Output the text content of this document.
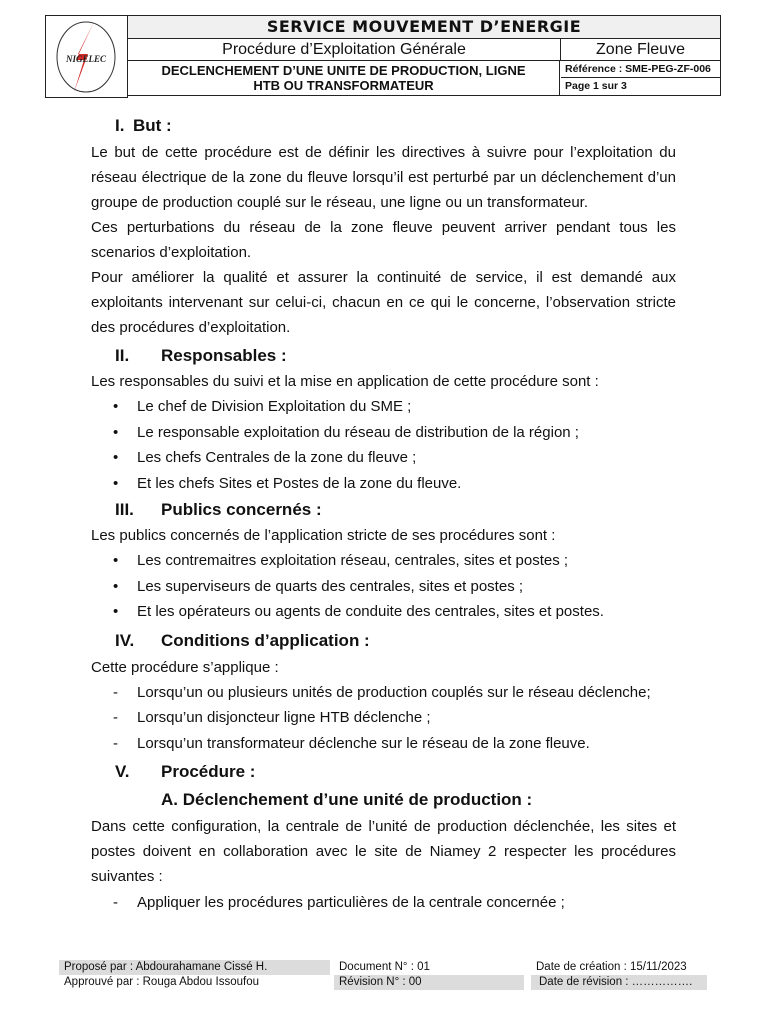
NIGELEC
SERVICE MOUVEMENT D’ENERGIE
Procédure d’Exploitation Générale	Zone Fleuve
DECLENCHEMENT D’UNE UNITE DE PRODUCTION, LIGNE
HTB OU TRANSFORMATEUR
Référence : SME-PEG-ZF-006
Page 1 sur 3
I. But :

Le but de cette procédure est de définir les directives à suivre pour l’exploitation du réseau électrique de la zone du fleuve lorsqu’il est perturbé par un déclenchement d’un groupe de production couplé sur le réseau, une ligne ou un transformateur.

Ces perturbations du réseau de la zone fleuve peuvent arriver pendant tous les scenarios d’exploitation.

Pour améliorer la qualité et assurer la continuité de service, il est demandé aux exploitants intervenant sur celui-ci, chacun en ce qui le concerne, l’observation stricte des procédures d’exploitation.

II. Responsables :

Les responsables du suivi et la mise en application de cette procédure sont :

• Le chef de Division Exploitation du SME ;
• Le responsable exploitation du réseau de distribution de la région ;
• Les chefs Centrales de la zone du fleuve ;
• Et les chefs Sites et Postes de la zone du fleuve.
III. Publics concernés :

Les publics concernés de l’application stricte de ses procédures sont :

• Les contremaitres exploitation réseau, centrales, sites et postes ;
• Les superviseurs de quarts des centrales, sites et postes ;
• Et les opérateurs ou agents de conduite des centrales, sites et postes.
IV. Conditions d’application :

Cette procédure s’applique :

- Lorsqu’un ou plusieurs unités de production couplés sur le réseau déclenche;
- Lorsqu’un disjoncteur ligne HTB déclenche ;
- Lorsqu’un transformateur déclenche sur le réseau de la zone fleuve.
V. Procédure :
A. Déclenchement d’une unité de production :

Dans cette configuration, la centrale de l’unité de production déclenchée, les sites et postes doivent en collaboration avec le site de Niamey 2 respecter les procédures suivantes :

- Appliquer les procédures particulières de la centrale concernée ;
Proposé par : Abdourahamane Cissé H.
Approuvé par : Rouga Abdou Issoufou
Document N° : 01
Révision N° : 00
Date de création : 15/11/2023
Date de révision : …………….
